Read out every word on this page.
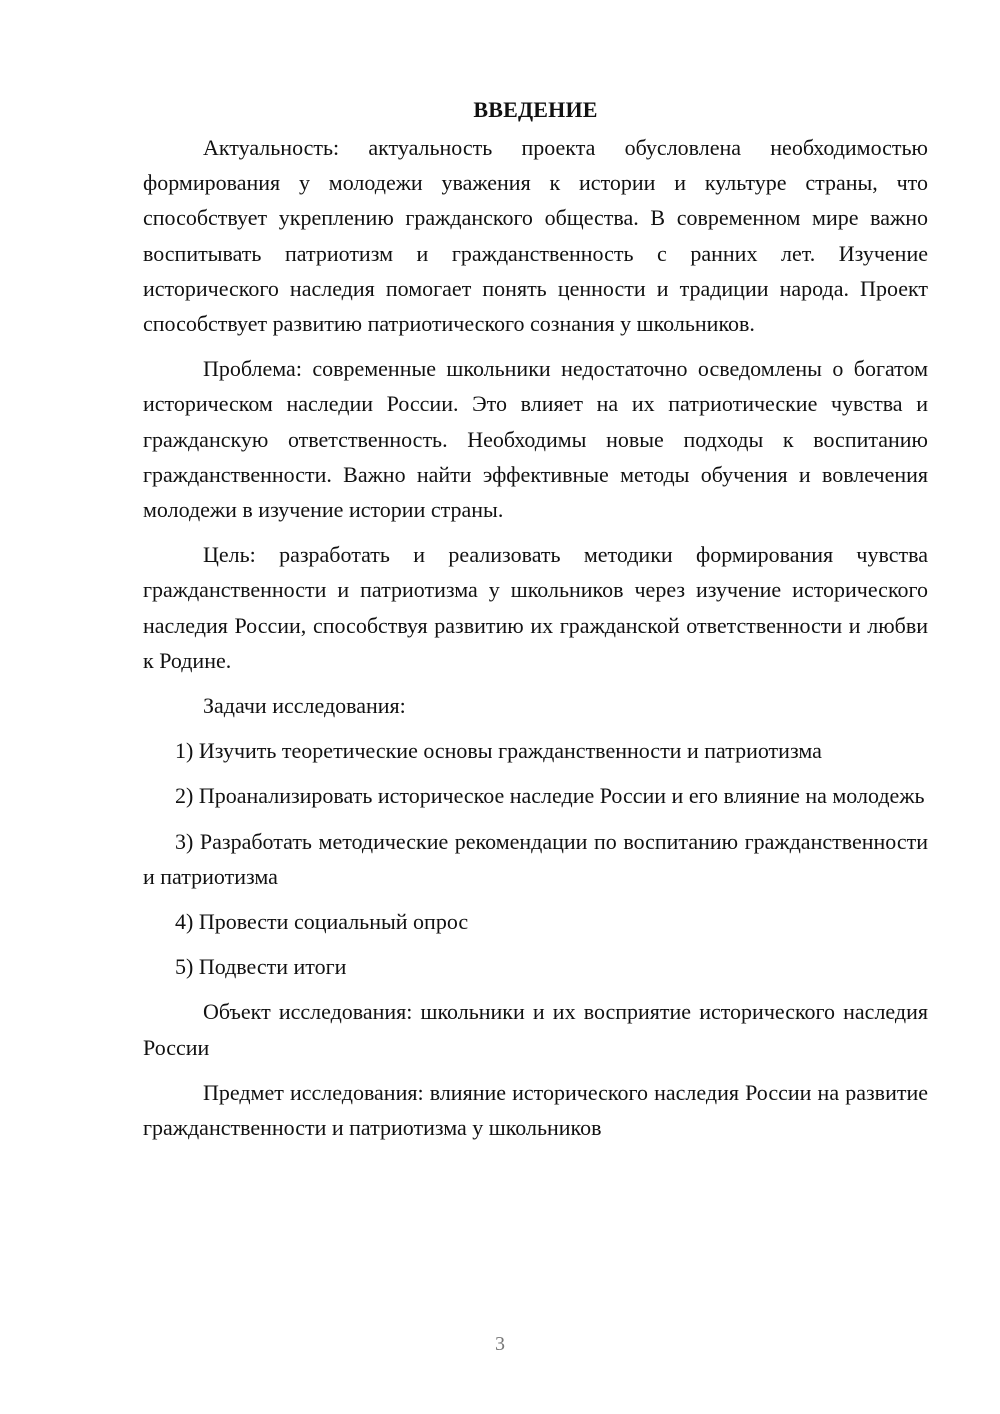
ВВЕДЕНИЕ

Актуальность: актуальность проекта обусловлена необходимостью формирования у молодежи уважения к истории и культуре страны, что способствует укреплению гражданского общества. В современном мире важно воспитывать патриотизм и гражданственность с ранних лет. Изучение исторического наследия помогает понять ценности и традиции народа. Проект способствует развитию патриотического сознания у школьников.

Проблема: современные школьники недостаточно осведомлены о богатом историческом наследии России. Это влияет на их патриотические чувства и гражданскую ответственность. Необходимы новые подходы к воспитанию гражданственности. Важно найти эффективные методы обучения и вовлечения молодежи в изучение истории страны.

Цель: разработать и реализовать методики формирования чувства гражданственности и патриотизма у школьников через изучение исторического наследия России, способствуя развитию их гражданской ответственности и любви к Родине.

Задачи исследования:

1) Изучить теоретические основы гражданственности и патриотизма

2) Проанализировать историческое наследие России и его влияние на молодежь

3) Разработать методические рекомендации по воспитанию гражданственности и патриотизма

4) Провести социальный опрос

5) Подвести итоги

Объект исследования: школьники и их восприятие исторического наследия России

Предмет исследования: влияние исторического наследия России на развитие гражданственности и патриотизма у школьников

3
